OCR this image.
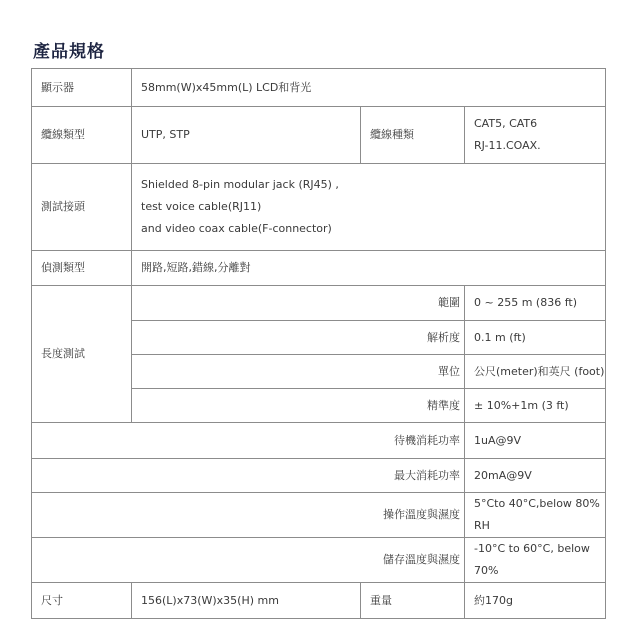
產品規格
顯示器	58mm(W)x45mm(L) LCD和背光		
纜線類型	UTP, STP	纜線種類	CAT5, CAT6
RJ-11.COAX.

測試接頭	Shielded 8-pin modular jack (RJ45) ,
test voice cable(RJ11)
and video coax cable(F-connector)		

偵測類型	開路,短路,錯線,分離對		
長度測試	範圍		0 ~ 255 m (836 ft)
	解析度		0.1 m (ft)
	單位		公尺(meter)和英尺 (foot)
	精準度		± 10%+1m (3 ft)
待機消耗功率			1uA@9V
最大消耗功率			20mA@9V
操作溫度與濕度			5°Cto 40°C,below 80% RH
儲存溫度與濕度			-10°C to 60°C, below 70%
尺寸	156(L)x73(W)x35(H) mm	重量	約170g
